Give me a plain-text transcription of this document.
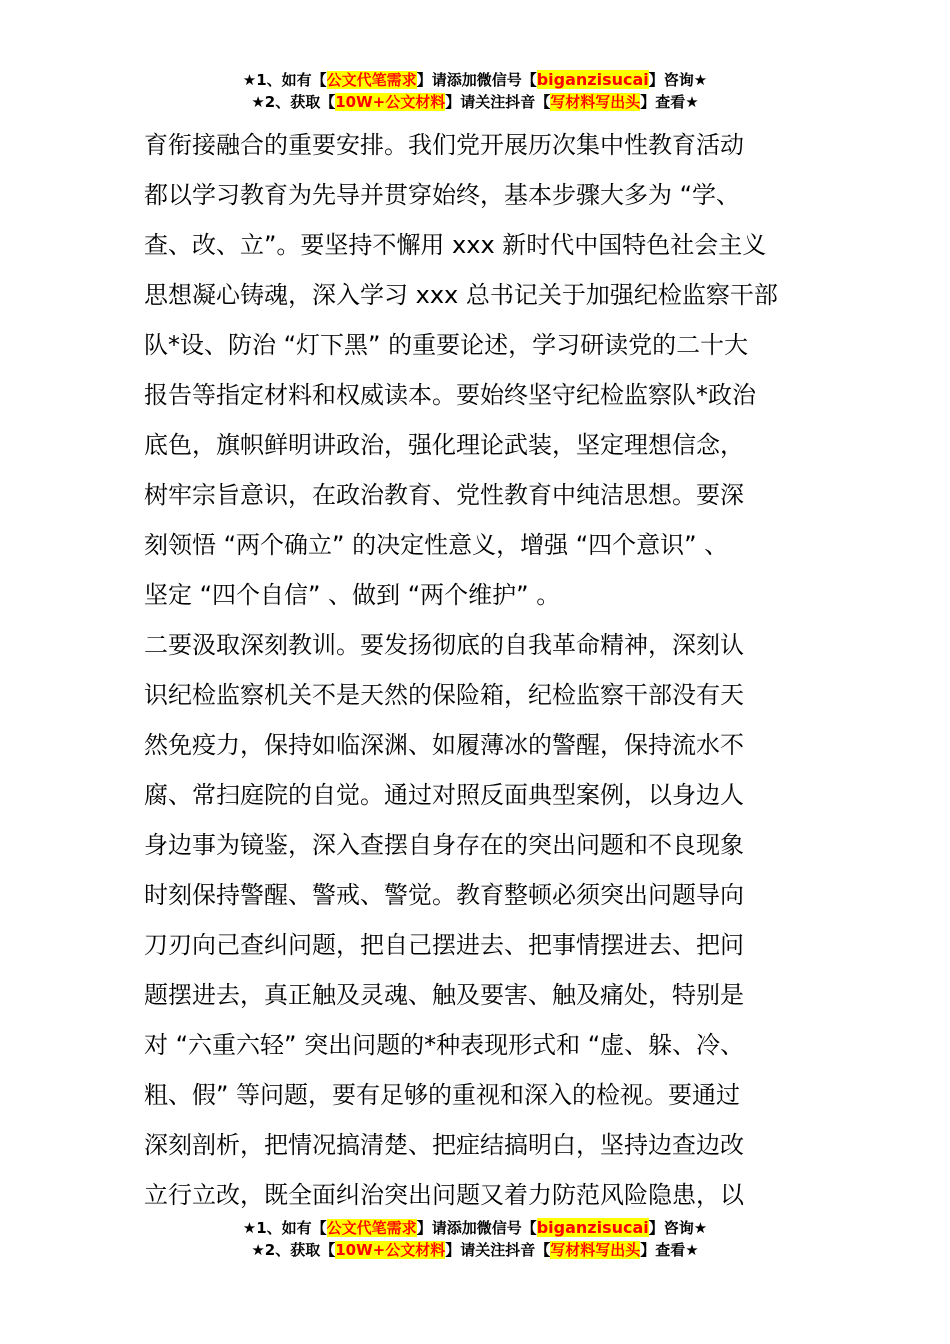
★1、如有【公文代笔需求】请添加微信号【biganzisucai】咨询★
★2、获取【10W+公文材料】请关注抖音【写材料写出头】查看★
育衔接融合的重要安排。我们党开展历次集中性教育活动
都以学习教育为先导并贯穿始终，基本步骤大多为 “学、
查、改、立”。要坚持不懈用 xxx 新时代中国特色社会主义
思想凝心铸魂，深入学习 xxx 总书记关于加强纪检监察干部
队*设、防治 “灯下黑” 的重要论述，学习研读党的二十大
报告等指定材料和权威读本。要始终坚守纪检监察队*政治
底色，旗帜鲜明讲政治，强化理论武装，坚定理想信念，
树牢宗旨意识，在政治教育、党性教育中纯洁思想。要深
刻领悟 “两个确立” 的决定性意义，增强 “四个意识” 、
坚定 “四个自信” 、做到 “两个维护” 。
二要汲取深刻教训。要发扬彻底的自我革命精神，深刻认
识纪检监察机关不是天然的保险箱，纪检监察干部没有天
然免疫力，保持如临深渊、如履薄冰的警醒，保持流水不
腐、常扫庭院的自觉。通过对照反面典型案例，以身边人
身边事为镜鉴，深入查摆自身存在的突出问题和不良现象
时刻保持警醒、警戒、警觉。教育整顿必须突出问题导向
刀刃向己查纠问题，把自己摆进去、把事情摆进去、把问
题摆进去，真正触及灵魂、触及要害、触及痛处，特别是
对 “六重六轻” 突出问题的*种表现形式和 “虚、躲、冷、
粗、假” 等问题，要有足够的重视和深入的检视。要通过
深刻剖析，把情况搞清楚、把症结搞明白，坚持边查边改
立行立改，既全面纠治突出问题又着力防范风险隐患，以
★1、如有【公文代笔需求】请添加微信号【biganzisucai】咨询★
★2、获取【10W+公文材料】请关注抖音【写材料写出头】查看★
